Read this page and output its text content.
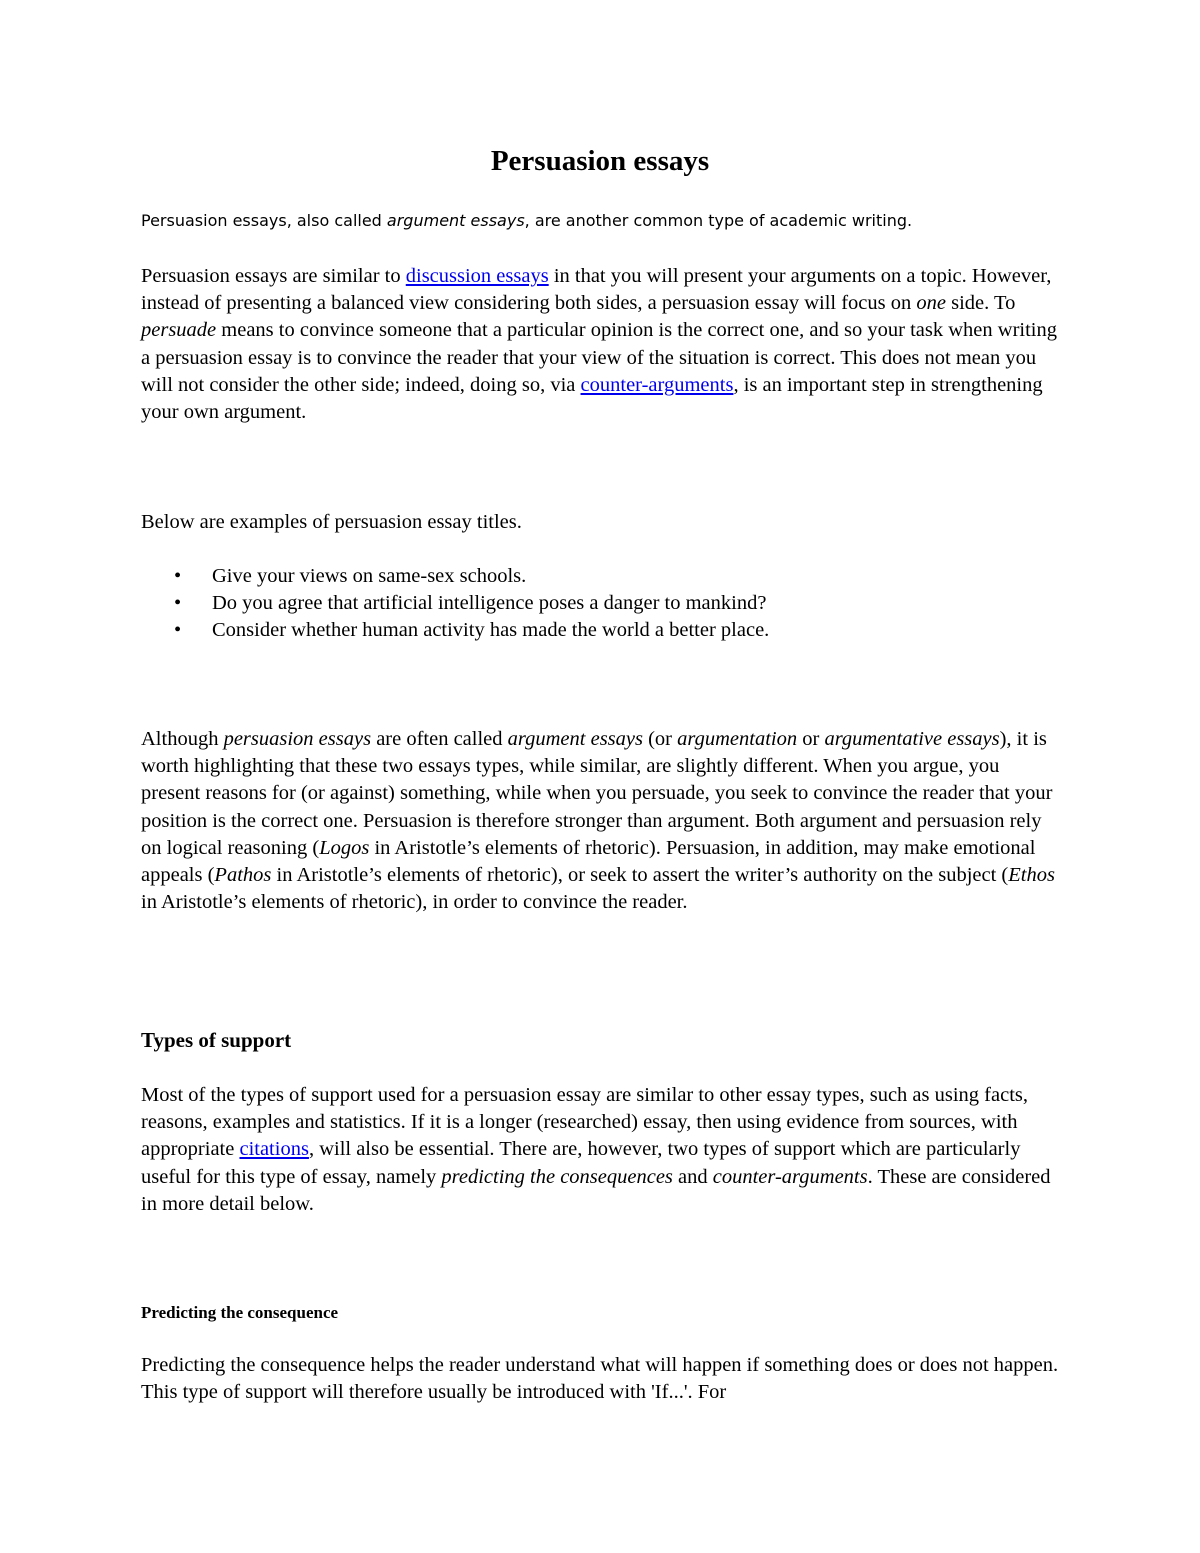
Persuasion essays

Persuasion essays, also called argument essays, are another common type of academic writing.

Persuasion essays are similar to discussion essays in that you will present your arguments on a topic. However, instead of presenting a balanced view considering both sides, a persuasion essay will focus on one side. To persuade means to convince someone that a particular opinion is the correct one, and so your task when writing a persuasion essay is to convince the reader that your view of the situation is correct. This does not mean you will not consider the other side; indeed, doing so, via counter-arguments, is an important step in strengthening your own argument.

Below are examples of persuasion essay titles.

• Give your views on same-sex schools.
• Do you agree that artificial intelligence poses a danger to mankind?
• Consider whether human activity has made the world a better place.

Although persuasion essays are often called argument essays (or argumentation or argumentative essays), it is worth highlighting that these two essays types, while similar, are slightly different. When you argue, you present reasons for (or against) something, while when you persuade, you seek to convince the reader that your position is the correct one. Persuasion is therefore stronger than argument. Both argument and persuasion rely on logical reasoning (Logos in Aristotle’s elements of rhetoric). Persuasion, in addition, may make emotional appeals (Pathos in Aristotle’s elements of rhetoric), or seek to assert the writer’s authority on the subject (Ethos in Aristotle’s elements of rhetoric), in order to convince the reader.

Types of support

Most of the types of support used for a persuasion essay are similar to other essay types, such as using facts, reasons, examples and statistics. If it is a longer (researched) essay, then using evidence from sources, with appropriate citations, will also be essential. There are, however, two types of support which are particularly useful for this type of essay, namely predicting the consequences and counter-arguments. These are considered in more detail below.

Predicting the consequence

Predicting the consequence helps the reader understand what will happen if something does or does not happen. This type of support will therefore usually be introduced with 'If...'. For
